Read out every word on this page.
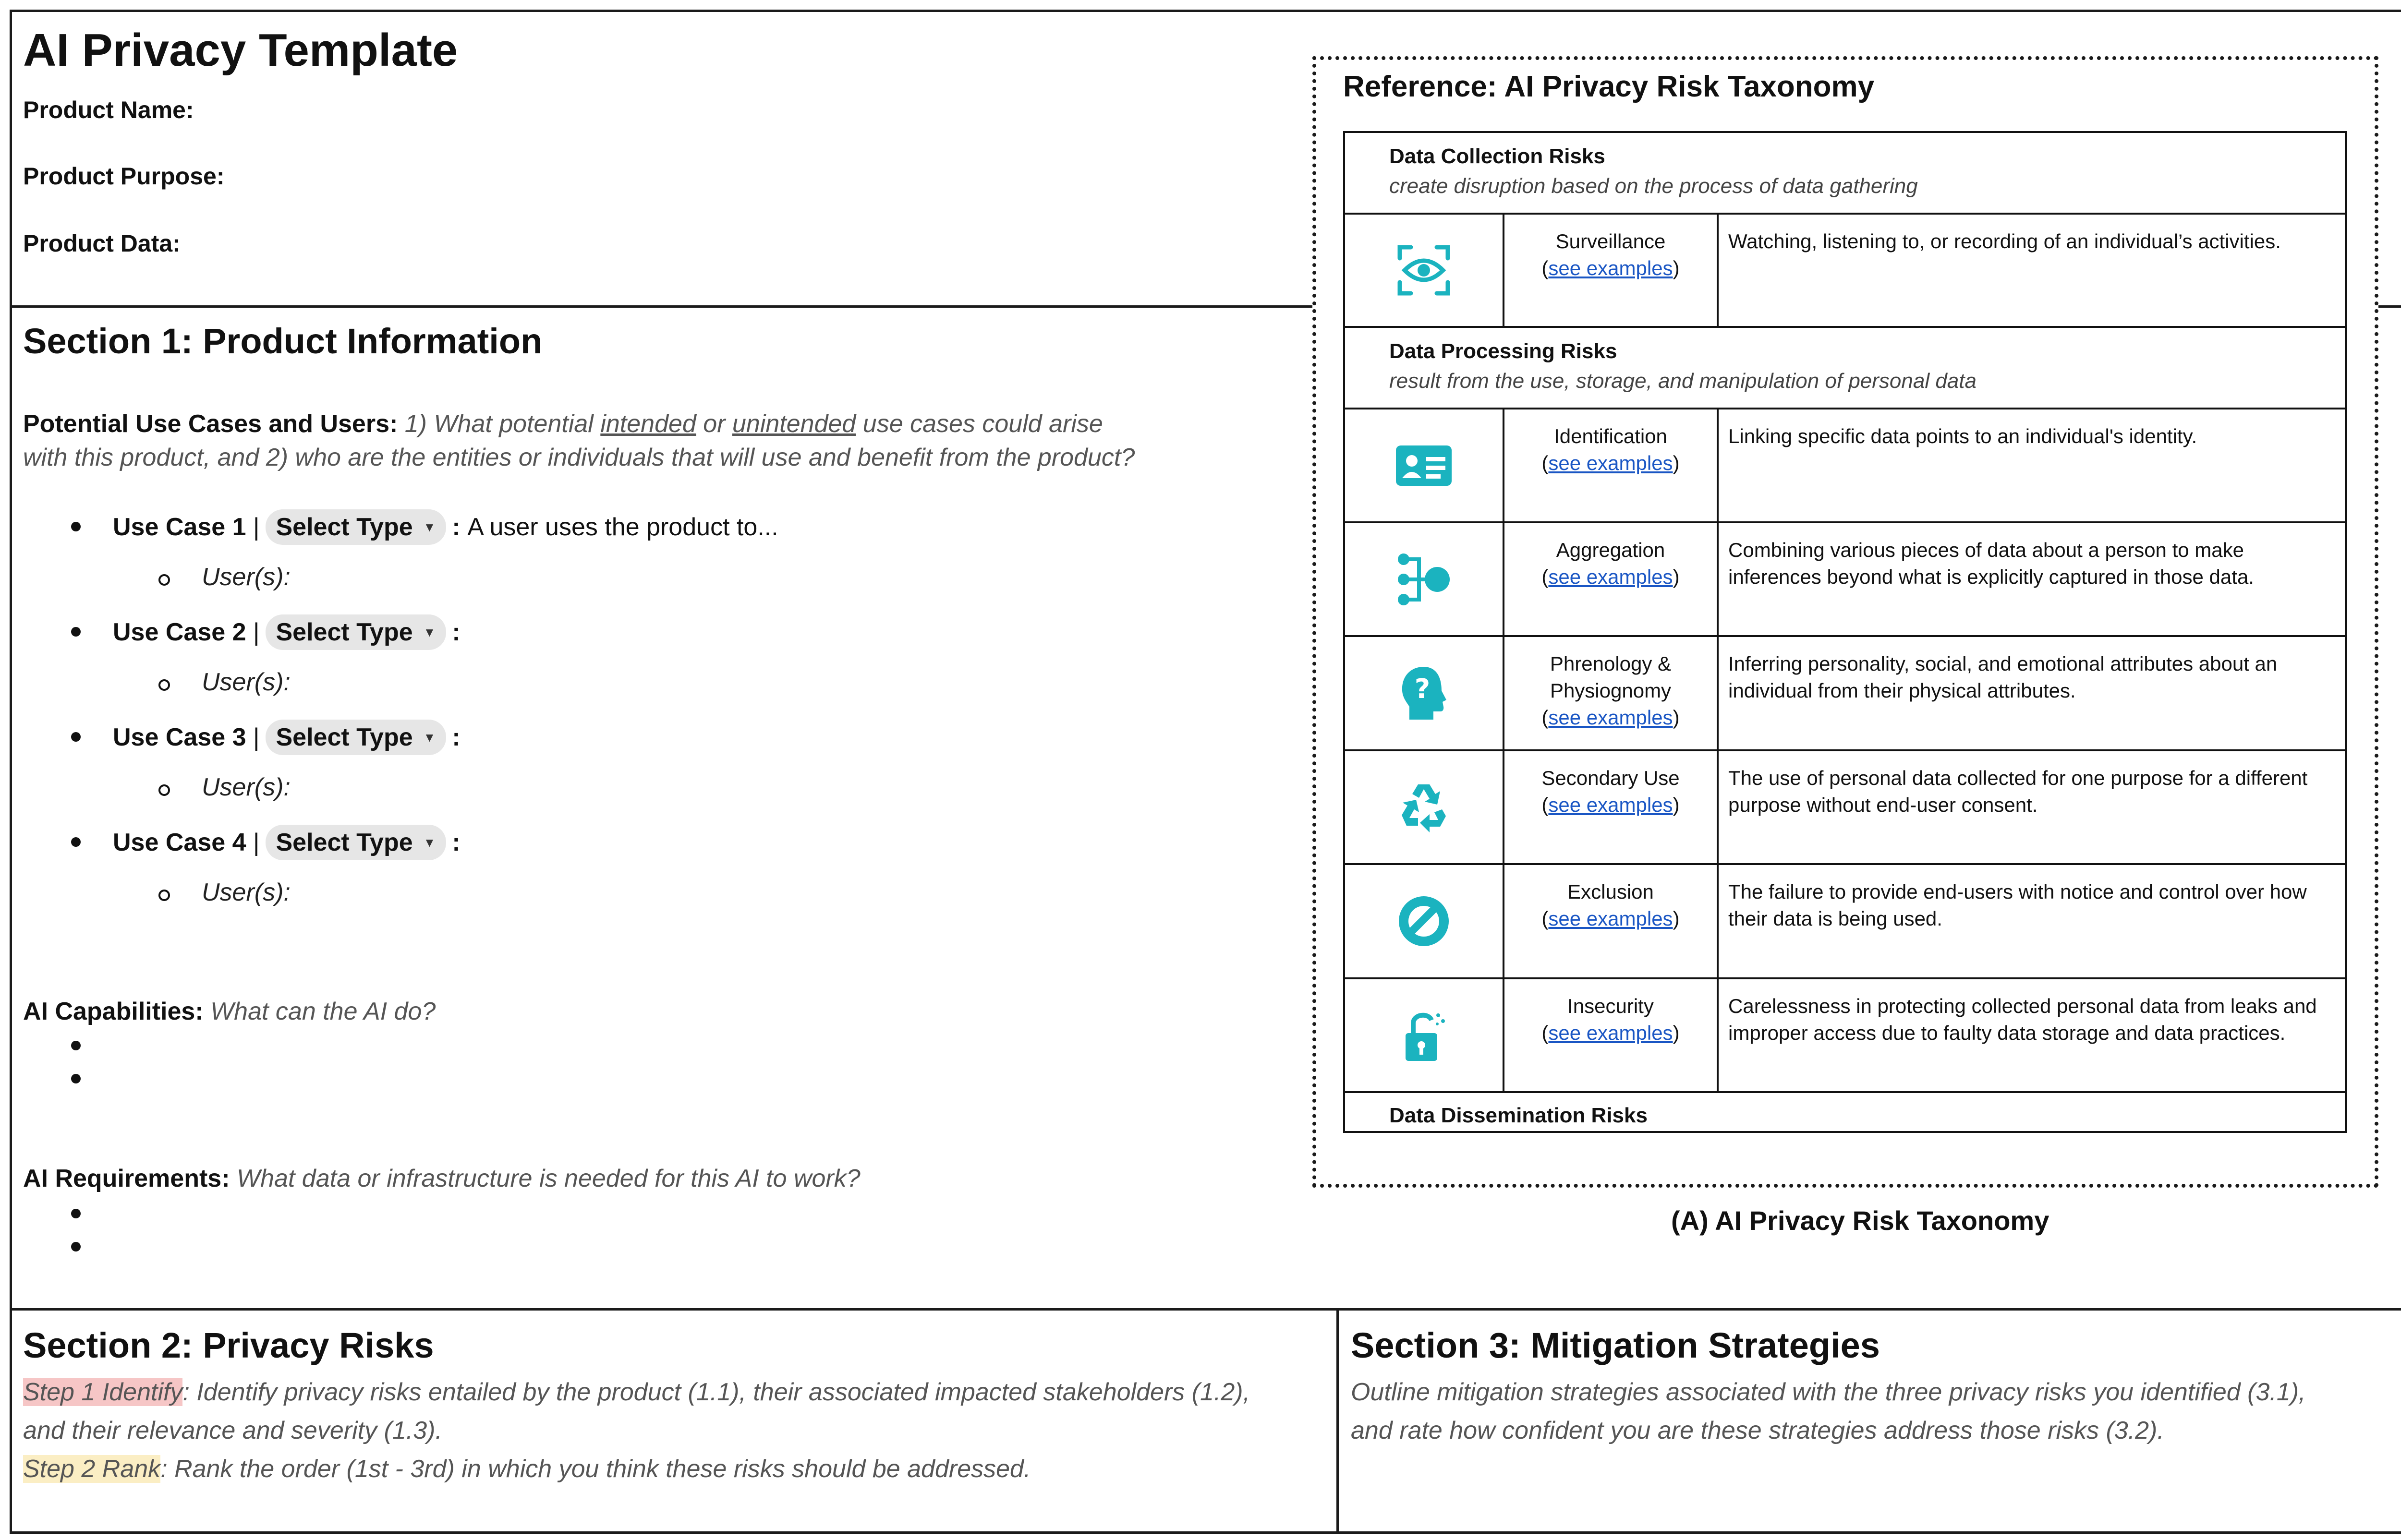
AI Privacy Template
Product Name:
Product Purpose:
Product Data:
Section 1: Product Information
Potential Use Cases and Users: 1) What potential intended or unintended use cases could arise
with this product, and 2) who are the entities or individuals that will use and benefit from the product?
Use Case 1
| Select Type ▼ :
A user uses the product to...
User(s):
Use Case 2
| Select Type ▼ :
User(s):
Use Case 3
| Select Type ▼ :
User(s):
Use Case 4
| Select Type ▼ :
User(s):
AI Capabilities: What can the AI do?
AI Requirements: What data or infrastructure is needed for this AI to work?
Reference: AI Privacy Risk Taxonomy
Data Collection Risks
create disruption based on the process of data gathering
Surveillance
(see examples)
Watching, listening to, or recording of an individual’s activities.
Data Processing Risks
result from the use, storage, and manipulation of personal data
Identification
(see examples)
Linking specific data points to an individual's identity.
Aggregation
(see examples)
Combining various pieces of data about a person to make inferences beyond what is explicitly captured in those data.
?
Phrenology &
Physiognomy
(see examples)
Inferring personality, social, and emotional attributes about an individual from their physical attributes.
Secondary Use
(see examples)
The use of personal data collected for one purpose for a different purpose without end-user consent.
Exclusion
(see examples)
The failure to provide end-users with notice and control over how their data is being used.
Insecurity
(see examples)
Carelessness in protecting collected personal data from leaks and improper access due to faulty data storage and data practices.
Data Dissemination Risks
(A) AI Privacy Risk Taxonomy
Section 2: Privacy Risks
Step 1 Identify: Identify privacy risks entailed by the product (1.1), their associated impacted stakeholders (1.2),
and their relevance and severity (1.3).
Step 2 Rank: Rank the order (1st - 3rd) in which you think these risks should be addressed.
Section 3: Mitigation Strategies
Outline mitigation strategies associated with the three privacy risks you identified (3.1),
and rate how confident you are these strategies address those risks (3.2).
